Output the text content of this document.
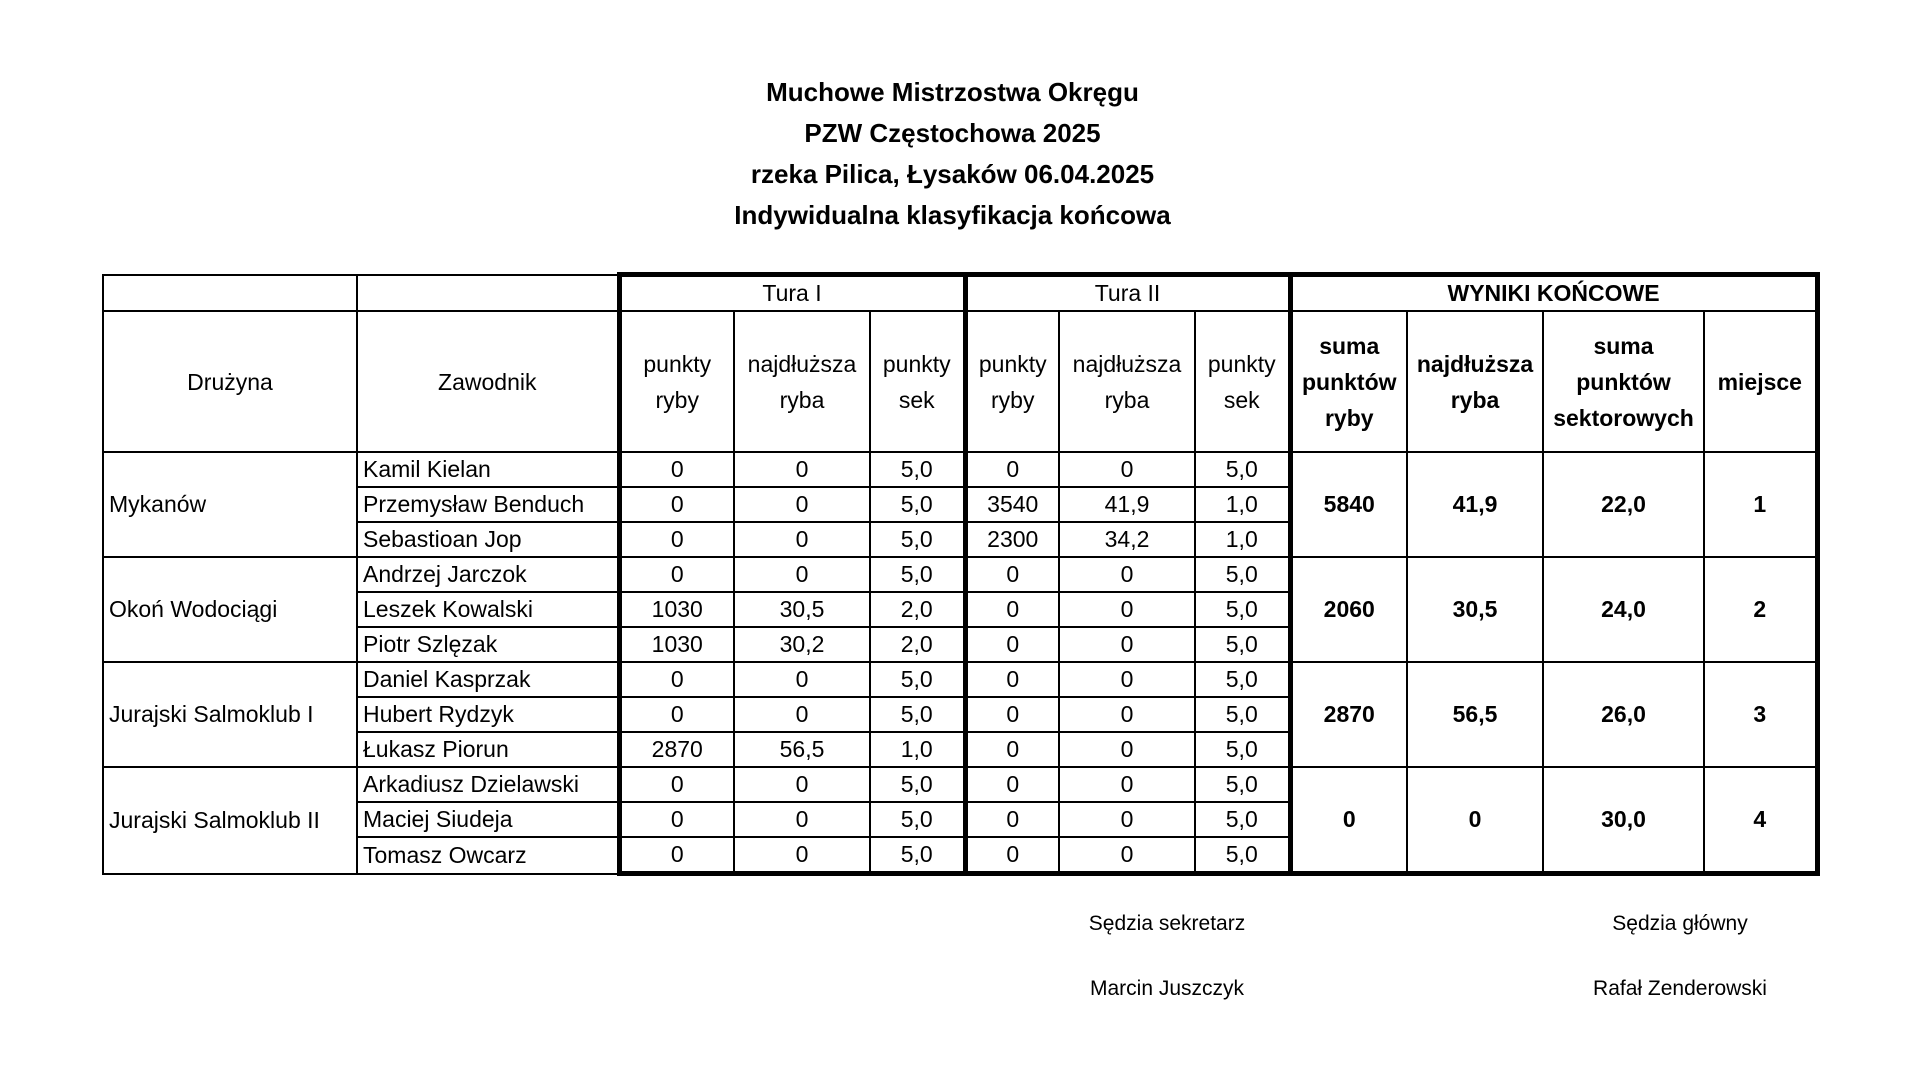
Muchowe Mistrzostwa Okręgu
PZW Częstochowa 2025
rzeka Pilica, Łysaków 06.04.2025
Indywidualna klasyfikacja końcowa
		Tura I			Tura II			WYNIKI KOŃCOWE			
Drużyna	Zawodnik	punkty ryby	najdłuższa ryba	punkty sek	punkty ryby	najdłuższa ryba	punkty sek	suma punktów ryby	najdłuższa ryba	suma punktów sektorowych	miejsce
Mykanów	Kamil Kielan	0	0	5,0	0	0	5,0	5840	41,9	22,0	1
	Przemysław Benduch	0	0	5,0	3540	41,9	1,0				
	Sebastioan Jop	0	0	5,0	2300	34,2	1,0				
Okoń Wodociągi	Andrzej Jarczok	0	0	5,0	0	0	5,0	2060	30,5	24,0	2
	Leszek Kowalski	1030	30,5	2,0	0	0	5,0				
	Piotr Szlęzak	1030	30,2	2,0	0	0	5,0				
Jurajski Salmoklub I	Daniel Kasprzak	0	0	5,0	0	0	5,0	2870	56,5	26,0	3
	Hubert Rydzyk	0	0	5,0	0	0	5,0				
	Łukasz Piorun	2870	56,5	1,0	0	0	5,0				
Jurajski Salmoklub II	Arkadiusz Dzielawski	0	0	5,0	0	0	5,0	0	0	30,0	4
	Maciej Siudeja	0	0	5,0	0	0	5,0				
	Tomasz Owcarz	0	0	5,0	0	0	5,0				
Sędzia sekretarz
Marcin Juszczyk
Sędzia główny
Rafał Zenderowski
